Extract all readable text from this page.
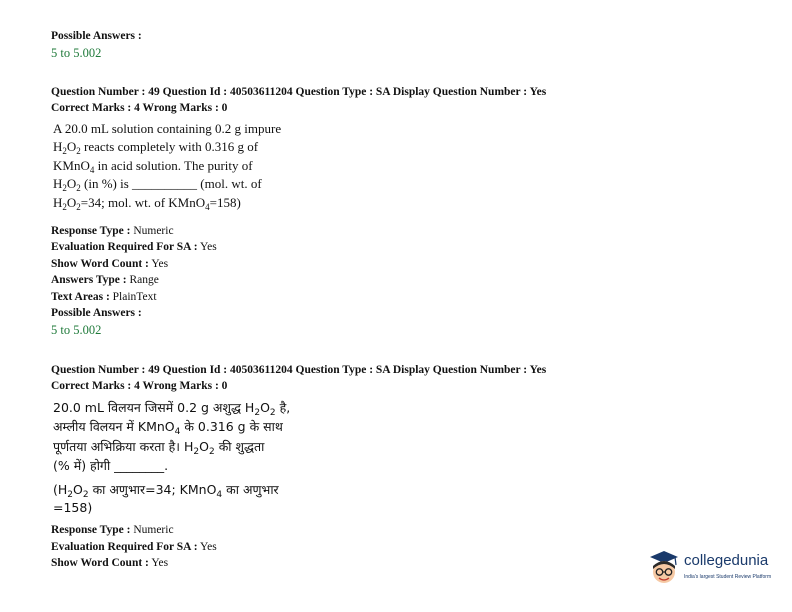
Possible Answers :
5 to 5.002
Question Number : 49 Question Id : 40503611204 Question Type : SA Display Question Number : Yes
Correct Marks : 4 Wrong Marks : 0
A 20.0 mL solution containing 0.2 g impure
$H_2O_2$ reacts completely with 0.316 g of
KMnO$_4$ in acid solution. The purity of
$H_2O_2$ (in %) is __________ (mol. wt. of
$H_2O_2=34$; mol. wt. of KMnO$_4$=158)
Response Type : Numeric
Evaluation Required For SA : Yes
Show Word Count : Yes
Answers Type : Range
Text Areas : PlainText
Possible Answers :
5 to 5.002
Question Number : 49 Question Id : 40503611204 Question Type : SA Display Question Number : Yes
Correct Marks : 4 Wrong Marks : 0
20.0 mL विलयन जिसमें 0.2 g अशुद्ध $H_2O_2$ है,
अम्लीय विलयन में KMnO$_4$ के 0.316 g के साथ
पूर्णतया अभिक्रिया करता है। $H_2O_2$ की शुद्धता
(% में) होगी ________.
($H_2O_2$ का अणुभार=34; KMnO$_4$ का अणुभार
=158)
Response Type : Numeric
Evaluation Required For SA : Yes
Show Word Count : Yes	collegedunia
India's largest Student Review Platform
